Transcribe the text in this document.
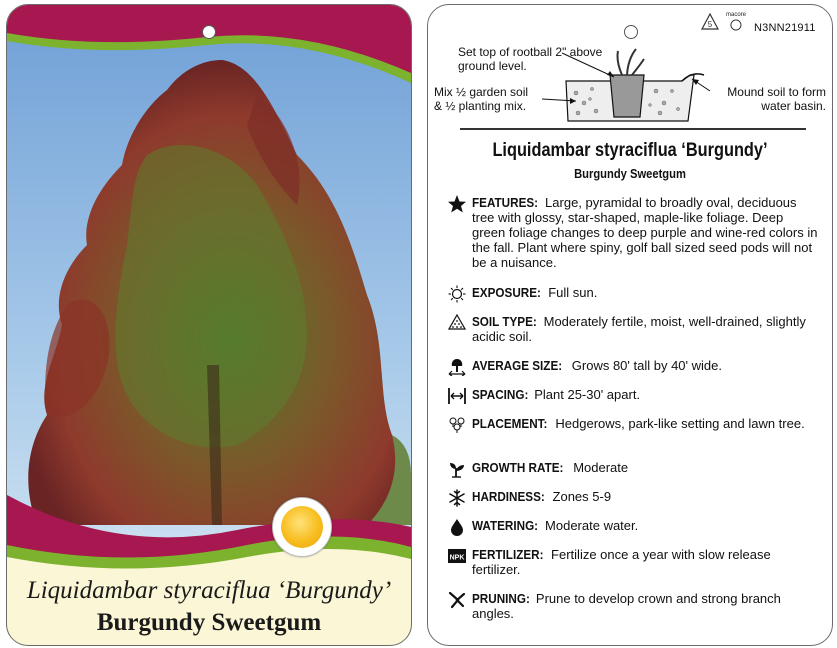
Liquidambar styraciflua ‘Burgundy’
Burgundy Sweetgum
5
macore
N3NN21911
Set top of rootball 2" above ground level.
Mix ½ garden soil & ½ planting mix.
Mound soil to form water basin.
Liquidambar styraciflua ‘Burgundy’
Burgundy Sweetgum
FEATURES: Large, pyramidal to broadly oval, deciduous tree with glossy, star-shaped, maple-like foliage. Deep green foliage changes to deep purple and wine-red colors in the fall. Plant where spiny, golf ball sized seed pods will not be a nuisance.
EXPOSURE: Full sun.
SOIL TYPE: Moderately fertile, moist, well-drained, slightly acidic soil.
AVERAGE SIZE: Grows 80' tall by 40' wide.
SPACING: Plant 25-30' apart.
PLACEMENT: Hedgerows, park-like setting and lawn tree.
GROWTH RATE: Moderate
HARDINESS: Zones 5-9
WATERING: Moderate water.
NPK FERTILIZER: Fertilize once a year with slow release fertilizer.
PRUNING: Prune to develop crown and strong branch angles.
